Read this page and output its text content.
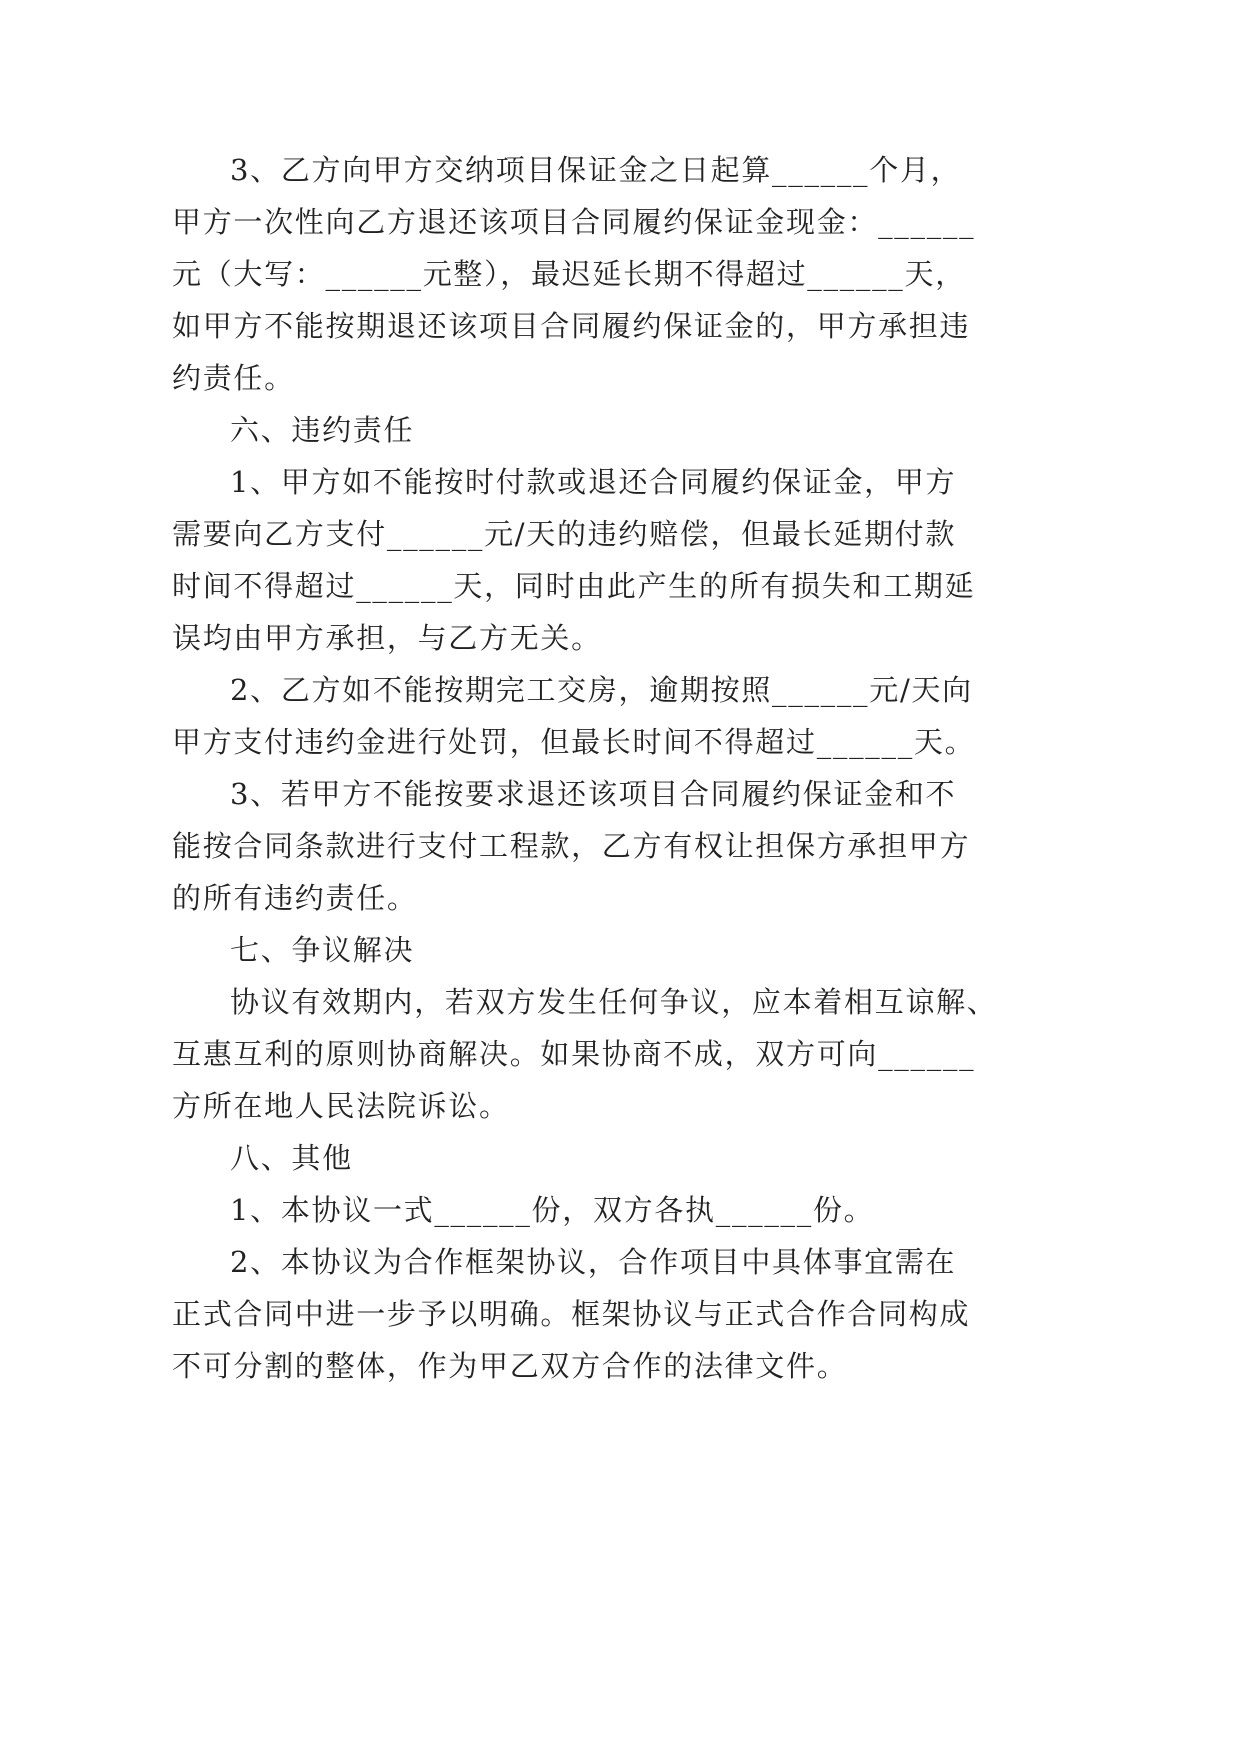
3、乙方向甲方交纳项目保证金之日起算______个月，
甲方一次性向乙方退还该项目合同履约保证金现金：______
元（大写：______元整），最迟延长期不得超过______天，
如甲方不能按期退还该项目合同履约保证金的，甲方承担违
约责任。
六、违约责任
1、甲方如不能按时付款或退还合同履约保证金，甲方
需要向乙方支付______元/天的违约赔偿，但最长延期付款
时间不得超过______天，同时由此产生的所有损失和工期延
误均由甲方承担，与乙方无关。
2、乙方如不能按期完工交房，逾期按照______元/天向
甲方支付违约金进行处罚，但最长时间不得超过______天。
3、若甲方不能按要求退还该项目合同履约保证金和不
能按合同条款进行支付工程款，乙方有权让担保方承担甲方
的所有违约责任。
七、争议解决
协议有效期内，若双方发生任何争议，应本着相互谅解、
互惠互利的原则协商解决。如果协商不成，双方可向______
方所在地人民法院诉讼。
八、其他
1、本协议一式______份，双方各执______份。
2、本协议为合作框架协议，合作项目中具体事宜需在
正式合同中进一步予以明确。框架协议与正式合作合同构成
不可分割的整体，作为甲乙双方合作的法律文件。
